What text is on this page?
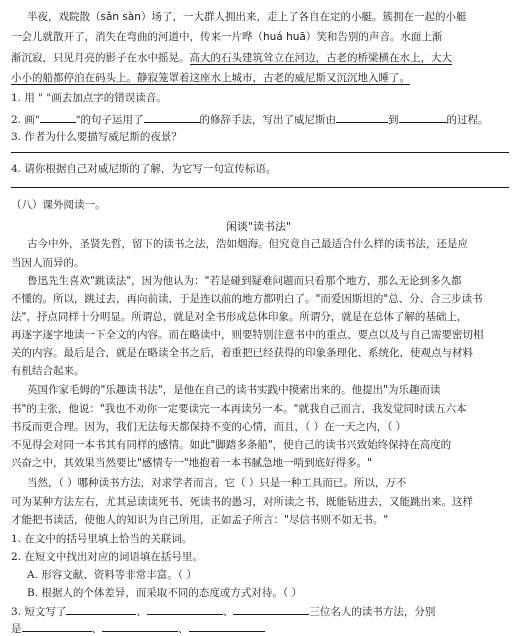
半夜，戏院散（sǎn sàn）场了，一大群人拥出来，走上了各自在定的小艇。簇拥在一起的小艇
一会儿就散开了，消失在弯曲的河道中，传来一片哗（huá huā）笑和告别的声音。水面上渐
渐沉寂，只见月亮的影子在水中摇晃。高大的石头建筑耸立在河边，古老的桥梁横在水上，大大
小小的船都停泊在码头上。静寂笼罩着这座水上城市，古老的威尼斯又沉沉地入睡了。
1. 用 " "画去加点字的错误读音。
2. 画"	"的句子运用了	的修辞手法，写出了威尼斯由	到	的过程。
3. 作者为什么要描写威尼斯的夜景？
4. 请你根据自己对威尼斯的了解，为它写一句宣传标语。
（八）课外阅读一。
闲谈"读书法"
古今中外，圣贤先哲，留下的读书之法，浩如烟海。但究竟自己最适合什么样的读书法，还是应
当因人而异的。
鲁迅先生喜欢"跳读法"，因为他认为："若是碰到疑难问题而只看那个地方，那么无论到多久都
不懂的。所以，跳过去，再向前读，于是连以前的地方都明白了。"而爱因斯坦的"总、分、合三步读书
法"，抒点同样十分明显。所谓总，就是对全书形成总体印象。所谓分，就是在总体了解的基础上，
再逐字逐字地读一下全文的内容。而在略读中，则要特别注意书中的重点、要点以及与自己需要密切相
关的内容。最后是合，就是在略读全书之后，着重把已经获得的印象条理化、系统化，使观点与材料
有机结合起来。
英国作家毛姆的"乐趣读书法"，是他在自己的读书实践中摸索出来的。他提出"为乐趣而读
书"的主张，他说："我也不劝你一定要读完一本再读另一本。"就我自己而言，我发觉同时读五六本
书反而更合理。因为，我们无法每天都保持不变的心情，而且，（ ）在一天之内，（ ）
不见得会对同一本书其有同样的感情。如此"脚踏多条船"，使自己的读书兴致始终保持在高度的
兴奋之中，其效果当然要比"感情专一"地抱着一本书腻急地一啃到底好得多。"
当然，（ ）哪种读书方法，对求学者而言，它（ ）只是一种工具而已。所以，万不
可为某种方法左右，尤其忌读读死书、死读书的愚习，对所读之书，既能钻进去，又能跳出来。这样
才能把书读活，使他人的知识为自己所用，正如孟子所言："尽信书则不如无书。"
1. 在文中的括号里填上恰当的关联词。
2. 在短文中找出对应的词语填在括号里。
A. 形容文献、资料等非常丰富。（ ）
B. 根据人的个体差异，而采取不同的态度或方式对待。（ ）
3. 短文写了	、	、	三位名人的读书方法，分别
是	、	、
